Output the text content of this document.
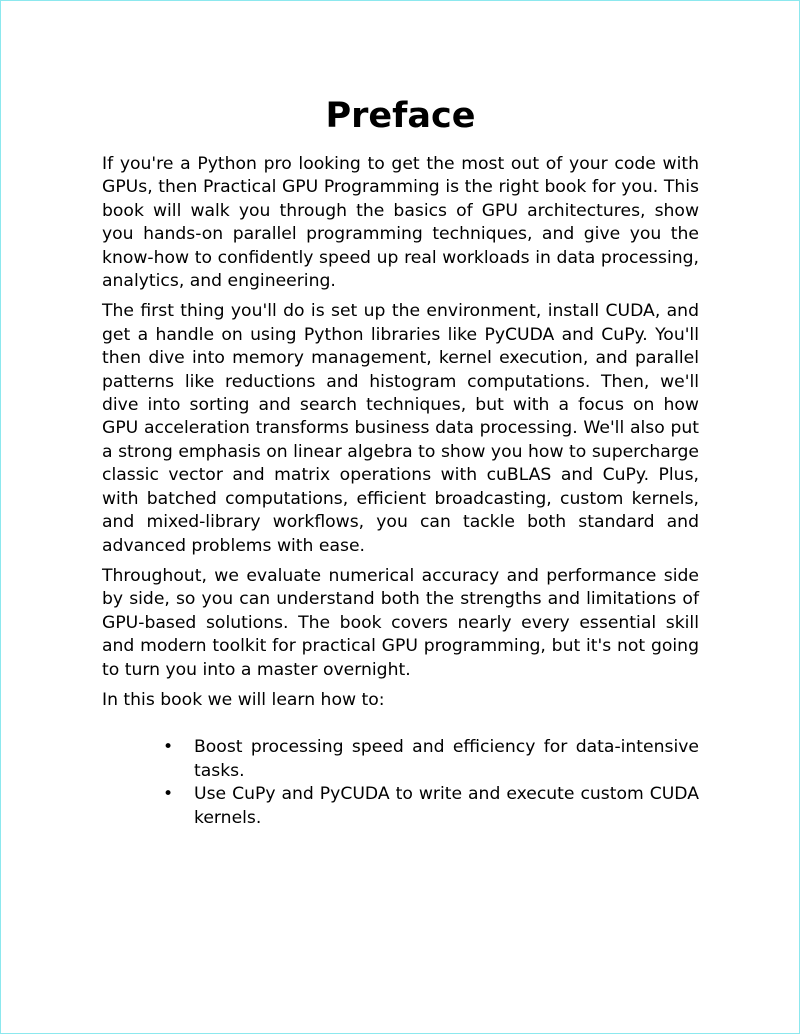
Preface

If you're a Python pro looking to get the most out of your code with GPUs, then Practical GPU Programming is the right book for you. This book will walk you through the basics of GPU architectures, show you hands-on parallel programming techniques, and give you the know-how to confidently speed up real workloads in data processing, analytics, and engineering.

The first thing you'll do is set up the environment, install CUDA, and get a handle on using Python libraries like PyCUDA and CuPy. You'll then dive into memory management, kernel execution, and parallel patterns like reductions and histogram computations. Then, we'll dive into sorting and search techniques, but with a focus on how GPU acceleration transforms business data processing. We'll also put a strong emphasis on linear algebra to show you how to supercharge classic vector and matrix operations with cuBLAS and CuPy. Plus, with batched computations, efficient broadcasting, custom kernels, and mixed-library workflows, you can tackle both standard and advanced problems with ease.

Throughout, we evaluate numerical accuracy and performance side by side, so you can understand both the strengths and limitations of GPU-based solutions. The book covers nearly every essential skill and modern toolkit for practical GPU programming, but it's not going to turn you into a master overnight.

In this book we will learn how to:

• Boost processing speed and efficiency for data-intensive tasks.
• Use CuPy and PyCUDA to write and execute custom CUDA kernels.
